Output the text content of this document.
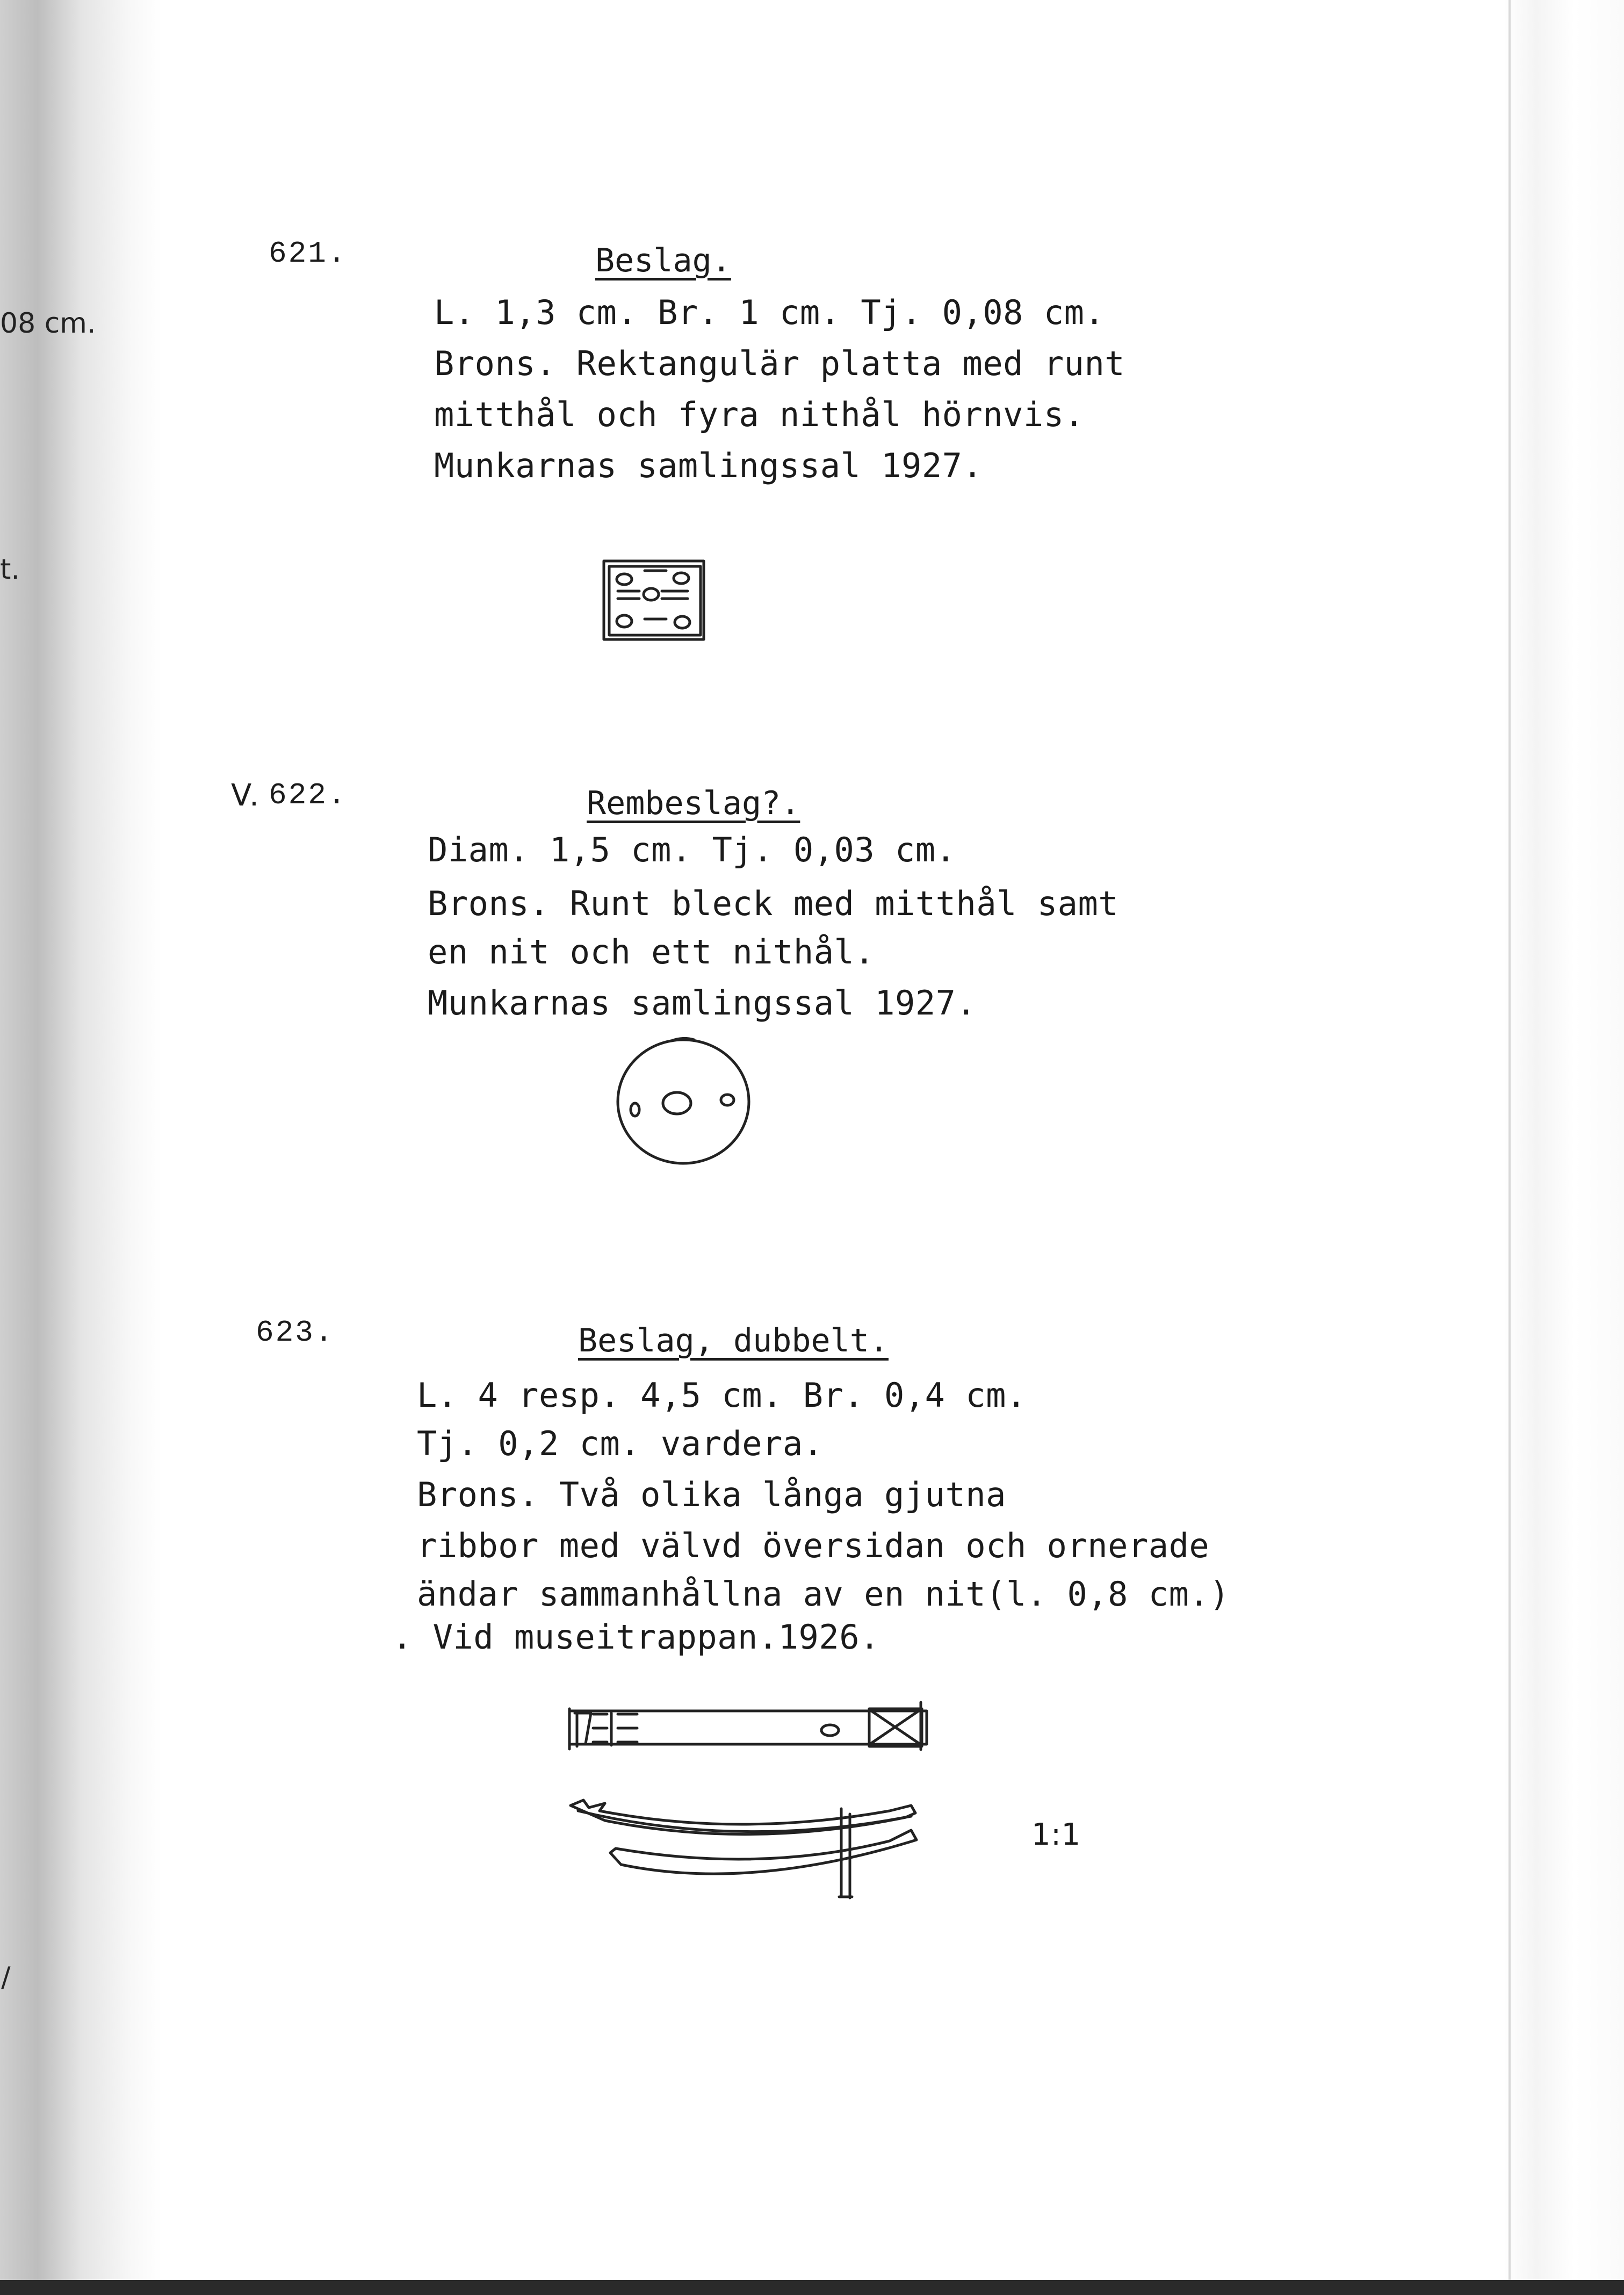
08 cm.
t.
/
621.	Beslag.
L. 1,3 cm. Br. 1 cm. Tj. 0,08 cm.
Brons. Rektangulär platta med runt
mitthål och fyra nithål hörnvis.
Munkarnas samlingssal 1927.
V. 622.	Rembeslag?.
Diam. 1,5 cm. Tj. 0,03 cm.
Brons. Runt bleck med mitthål samt
en nit och ett nithål.
Munkarnas samlingssal 1927.
623.	Beslag, dubbelt.
L. 4 resp. 4,5 cm. Br. 0,4 cm.
Tj. 0,2 cm. vardera.
Brons. Två olika långa gjutna
ribbor med välvd översidan och ornerade
ändar sammanhållna av en nit(l. 0,8 cm.)
. Vid museitrappan.1926.
1:1
